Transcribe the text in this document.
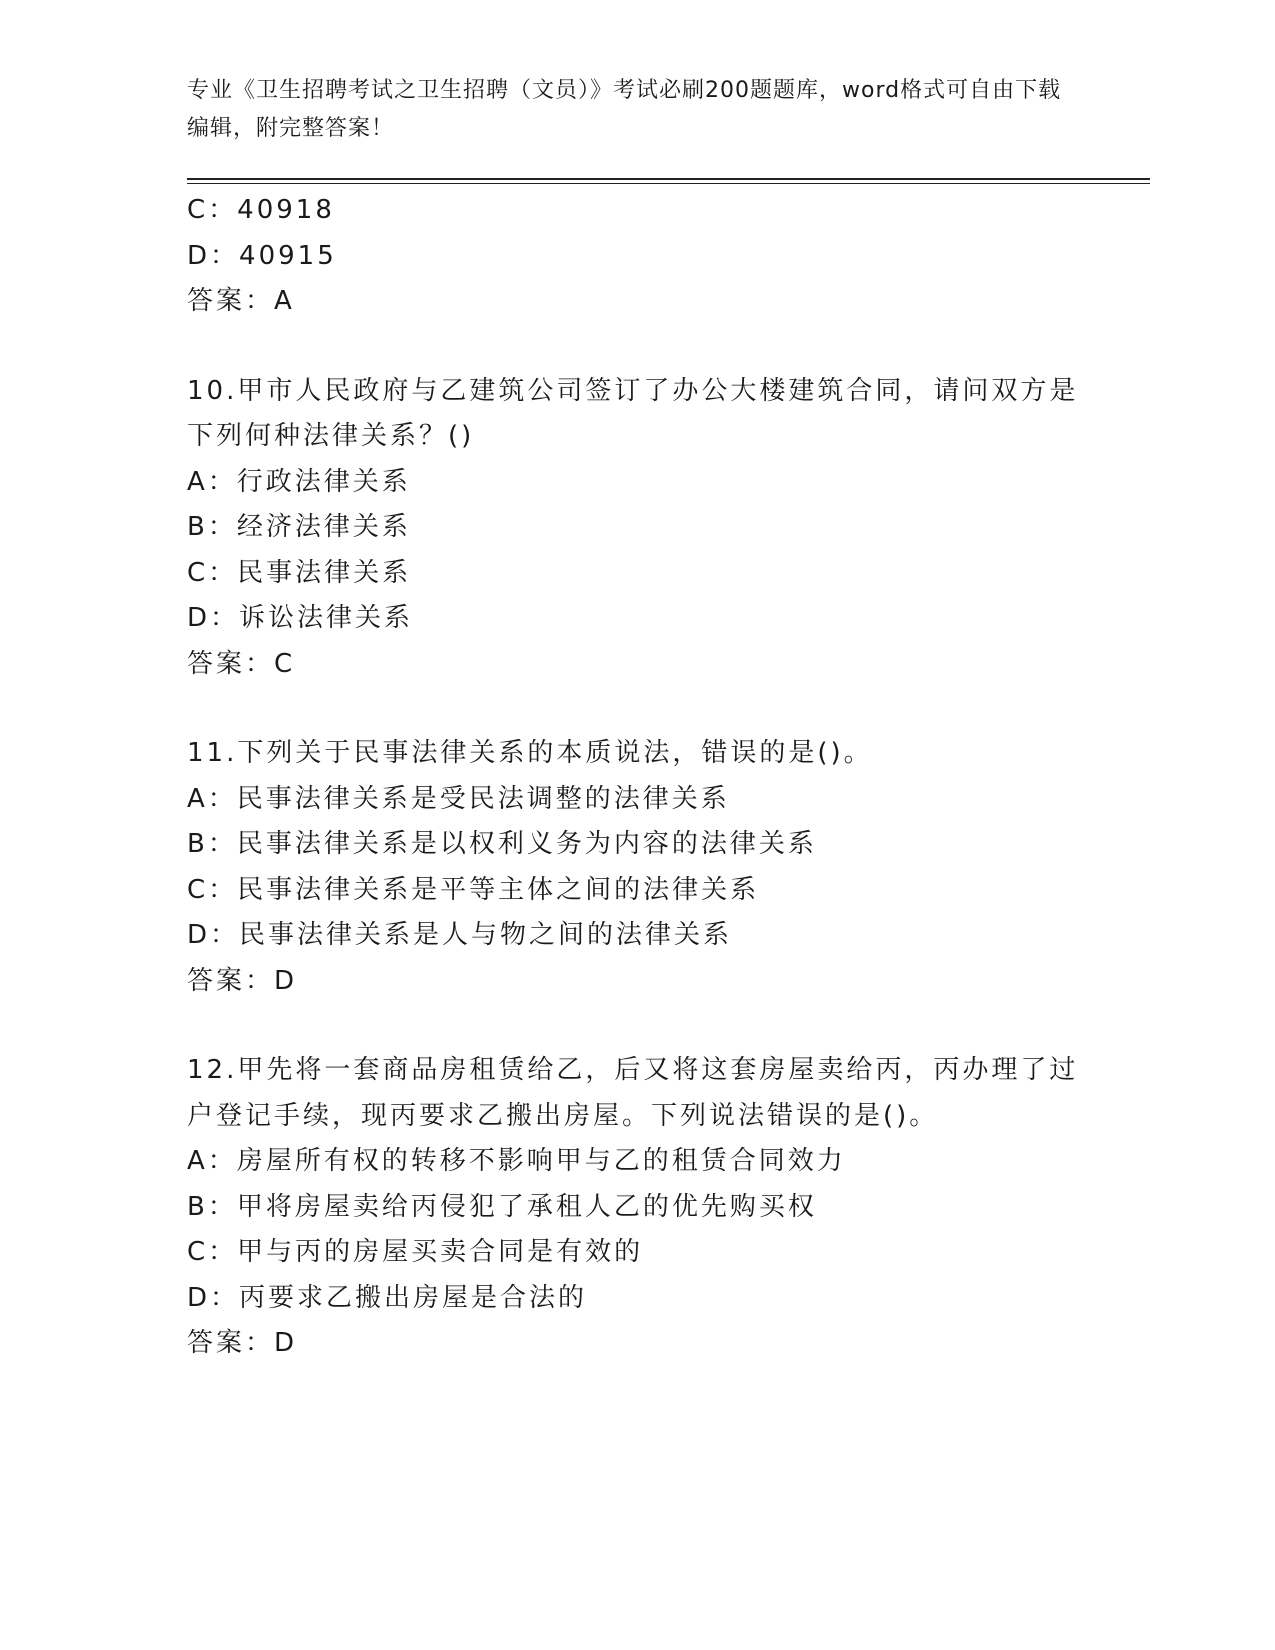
专业《卫生招聘考试之卫生招聘（文员）》考试必刷200题题库，word格式可自由下载编辑，附完整答案！
C：40918
D：40915
答案：A
10.甲市人民政府与乙建筑公司签订了办公大楼建筑合同，请问双方是下列何种法律关系？()
A：行政法律关系
B：经济法律关系
C：民事法律关系
D：诉讼法律关系
答案：C
11.下列关于民事法律关系的本质说法，错误的是()。
A：民事法律关系是受民法调整的法律关系
B：民事法律关系是以权利义务为内容的法律关系
C：民事法律关系是平等主体之间的法律关系
D：民事法律关系是人与物之间的法律关系
答案：D
12.甲先将一套商品房租赁给乙，后又将这套房屋卖给丙，丙办理了过户登记手续，现丙要求乙搬出房屋。下列说法错误的是()。
A：房屋所有权的转移不影响甲与乙的租赁合同效力
B：甲将房屋卖给丙侵犯了承租人乙的优先购买权
C：甲与丙的房屋买卖合同是有效的
D：丙要求乙搬出房屋是合法的
答案：D
